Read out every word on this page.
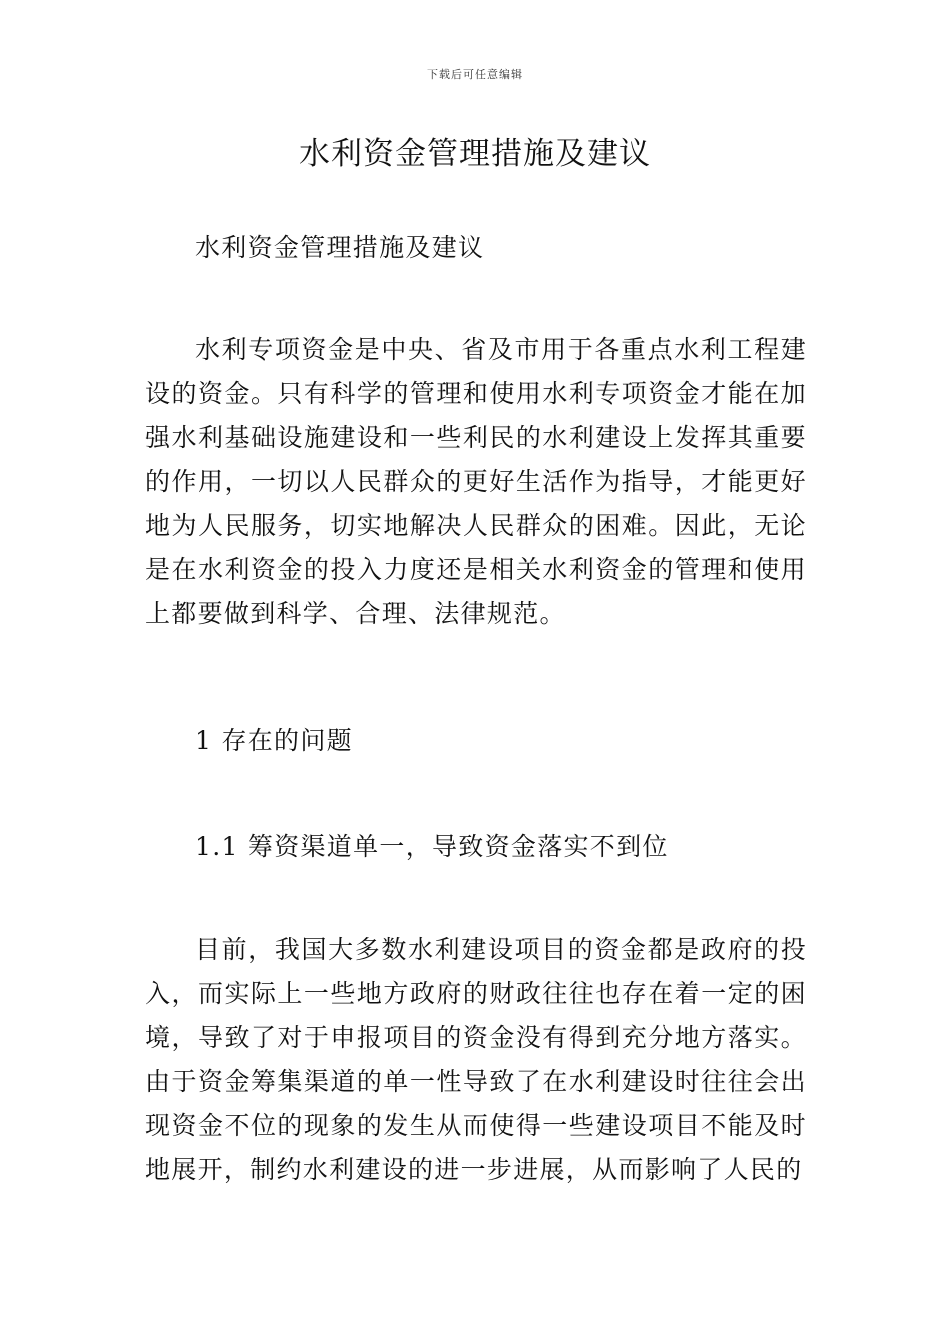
下载后可任意编辑
水利资金管理措施及建议

水利资金管理措施及建议

水利专项资金是中央、省及市用于各重点水利工程建设的资金。只有科学的管理和使用水利专项资金才能在加强水利基础设施建设和一些利民的水利建设上发挥其重要的作用，一切以人民群众的更好生活作为指导，才能更好地为人民服务，切实地解决人民群众的困难。因此，无论是在水利资金的投入力度还是相关水利资金的管理和使用上都要做到科学、合理、法律规范。

1 存在的问题

1.1 筹资渠道单一，导致资金落实不到位

目前，我国大多数水利建设项目的资金都是政府的投入，而实际上一些地方政府的财政往往也存在着一定的困境，导致了对于申报项目的资金没有得到充分地方落实。由于资金筹集渠道的单一性导致了在水利建设时往往会出现资金不位的现象的发生从而使得一些建设项目不能及时地展开，制约水利建设的进一步进展，从而影响了人民的
